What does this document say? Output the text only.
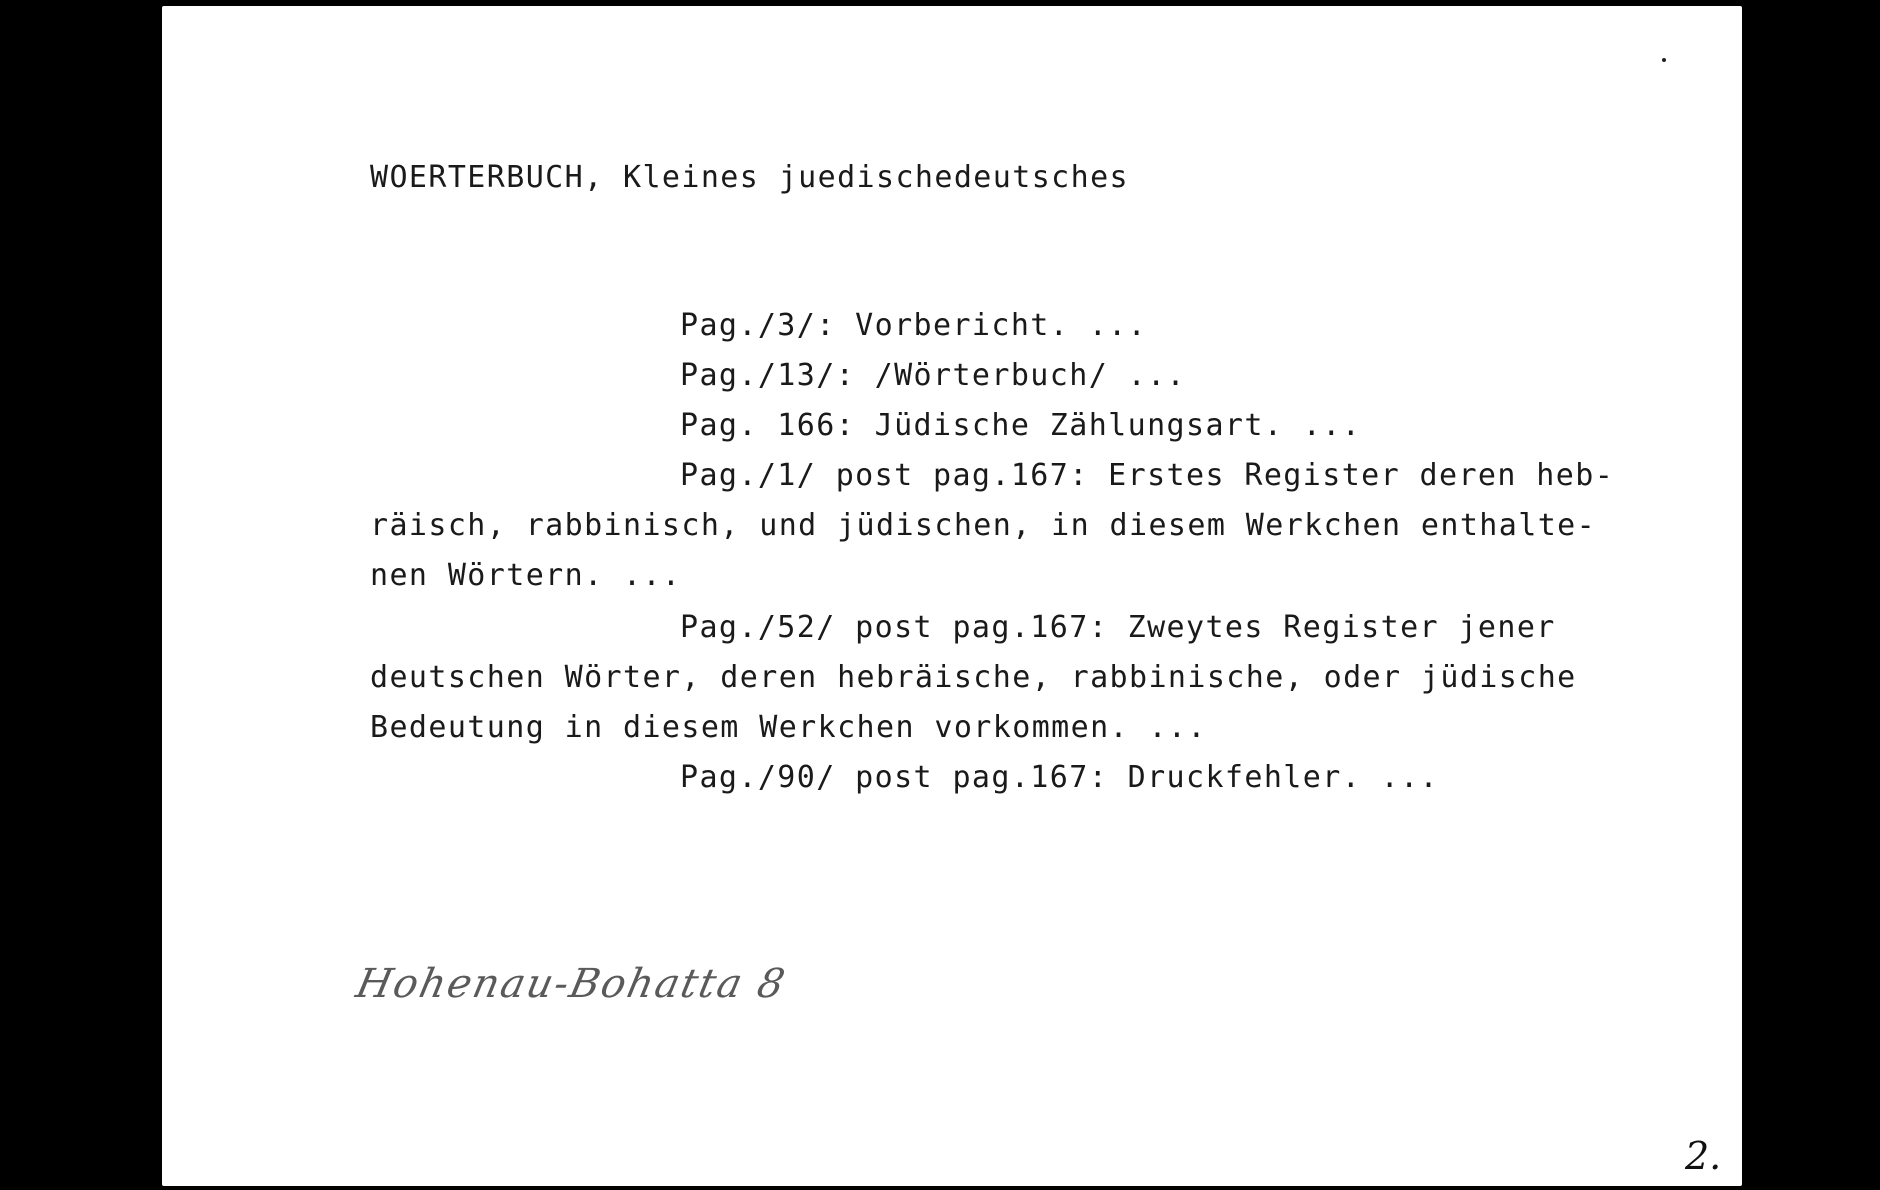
WOERTERBUCH, Kleines juedischedeutsches
Pag./3/: Vorbericht. ...
Pag./13/: /Wörterbuch/ ...
Pag. 166: Jüdische Zählungsart. ...
Pag./1/ post pag.167: Erstes Register deren heb-
räisch, rabbinisch, und jüdischen, in diesem Werkchen enthalte-
nen Wörtern. ...
Pag./52/ post pag.167: Zweytes Register jener
deutschen Wörter, deren hebräische, rabbinische, oder jüdische
Bedeutung in diesem Werkchen vorkommen. ...
Pag./90/ post pag.167: Druckfehler. ...
Hohenau-Bohatta 8
2.
